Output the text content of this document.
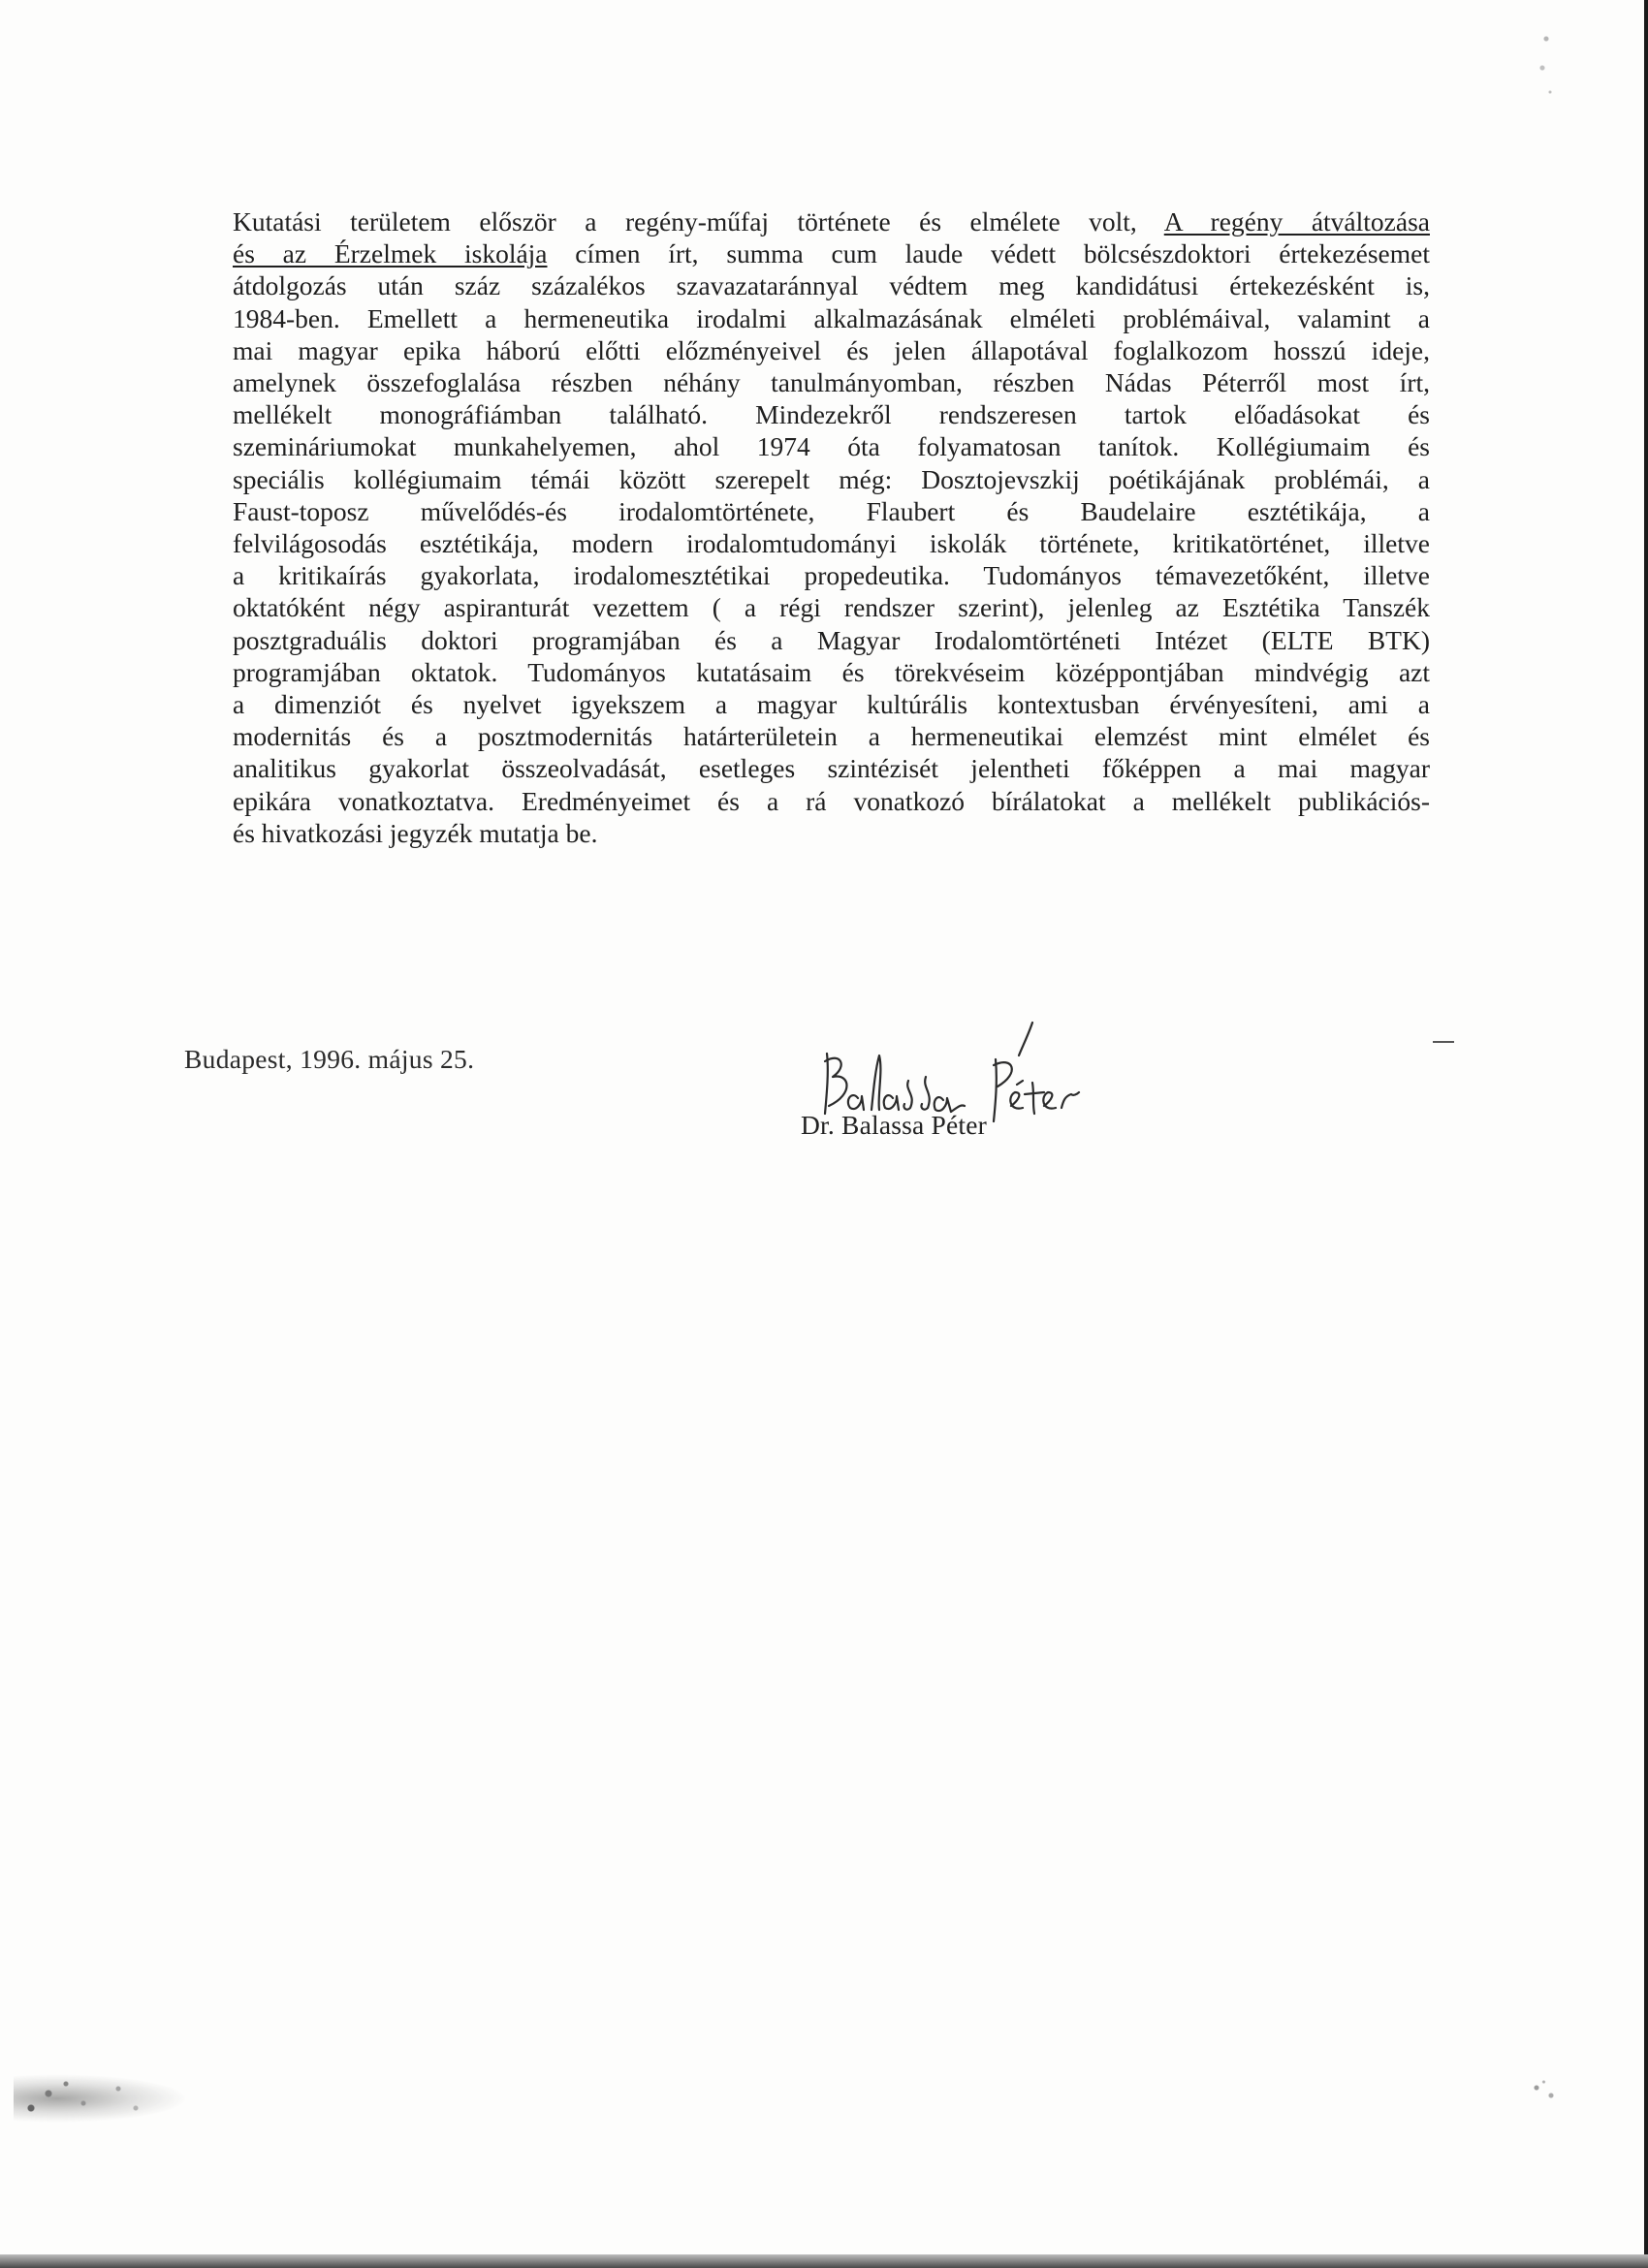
Kutatási területem először a regény-műfaj története és elmélete volt, A regény átváltozása
és az Érzelmek iskolája címen írt, summa cum laude védett bölcsészdoktori értekezésemet
átdolgozás után száz százalékos szavazataránnyal védtem meg kandidátusi értekezésként is,
1984-ben. Emellett a hermeneutika irodalmi alkalmazásának elméleti problémáival, valamint a
mai magyar epika háború előtti előzményeivel és jelen állapotával foglalkozom hosszú ideje,
amelynek összefoglalása részben néhány tanulmányomban, részben Nádas Péterről most írt,
mellékelt monográfiámban található. Mindezekről rendszeresen tartok előadásokat és
szemináriumokat munkahelyemen, ahol 1974 óta folyamatosan tanítok. Kollégiumaim és
speciális kollégiumaim témái között szerepelt még: Dosztojevszkij poétikájának problémái, a
Faust-toposz művelődés-és irodalomtörténete, Flaubert és Baudelaire esztétikája, a
felvilágosodás esztétikája, modern irodalomtudományi iskolák története, kritikatörténet, illetve
a kritikaírás gyakorlata, irodalomesztétikai propedeutika. Tudományos témavezetőként, illetve
oktatóként négy aspiranturát vezettem ( a régi rendszer szerint), jelenleg az Esztétika Tanszék
posztgraduális doktori programjában és a Magyar Irodalomtörténeti Intézet (ELTE BTK)
programjában oktatok. Tudományos kutatásaim és törekvéseim középpontjában mindvégig azt
a dimenziót és nyelvet igyekszem a magyar kultúrális kontextusban érvényesíteni, ami a
modernitás és a posztmodernitás határterületein a hermeneutikai elemzést mint elmélet és
analitikus gyakorlat összeolvadását, esetleges szintézisét jelentheti főképpen a mai magyar
epikára vonatkoztatva. Eredményeimet és a rá vonatkozó bírálatokat a mellékelt publikációs-
és hivatkozási jegyzék mutatja be.
Budapest, 1996. május 25.
Dr. Balassa Péter
